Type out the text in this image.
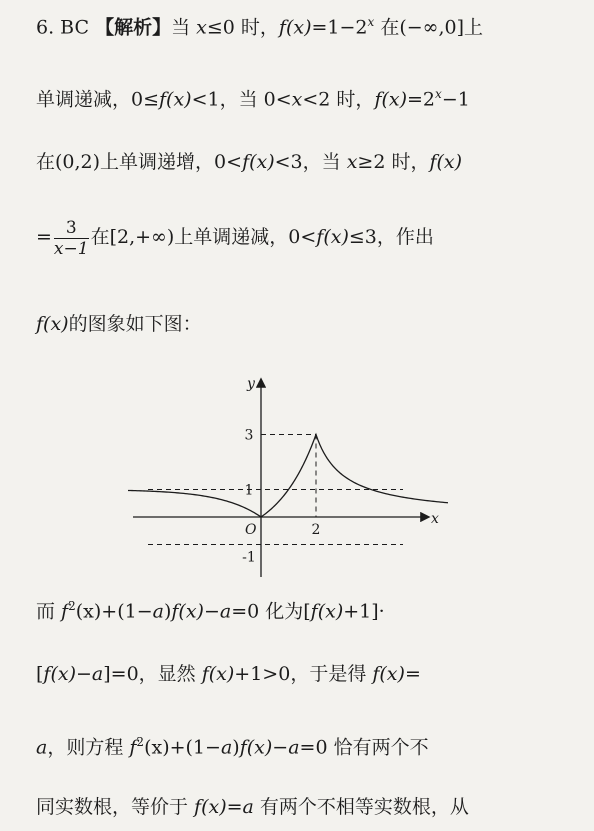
6. BC 【解析】当 x≤0 时，$f(x)=1-2^x$ 在(−∞,0]上
单调递减，0≤f(x)<1，当 0<x<2 时，$f(x)=2^x-1$
在(0,2)上单调递增，0<f(x)<3，当 x≥2 时，f(x)
= $\frac{3}{x-1}$ 在[2,+∞)上单调递减，0<f(x)≤3，作出
f(x)的图象如下图：
y
x
O
3
1
-1
2
而 $f^2(x)+(1-a)f(x)-a=0$ 化为[f(x)+1]·
[f(x)−a]=0，显然 f(x)+1>0，于是得 f(x)=
a，则方程 $f^2(x)+(1-a)f(x)-a=0$ 恰有两个不
同实数根，等价于 f(x)=a 有两个不相等实数根，从
